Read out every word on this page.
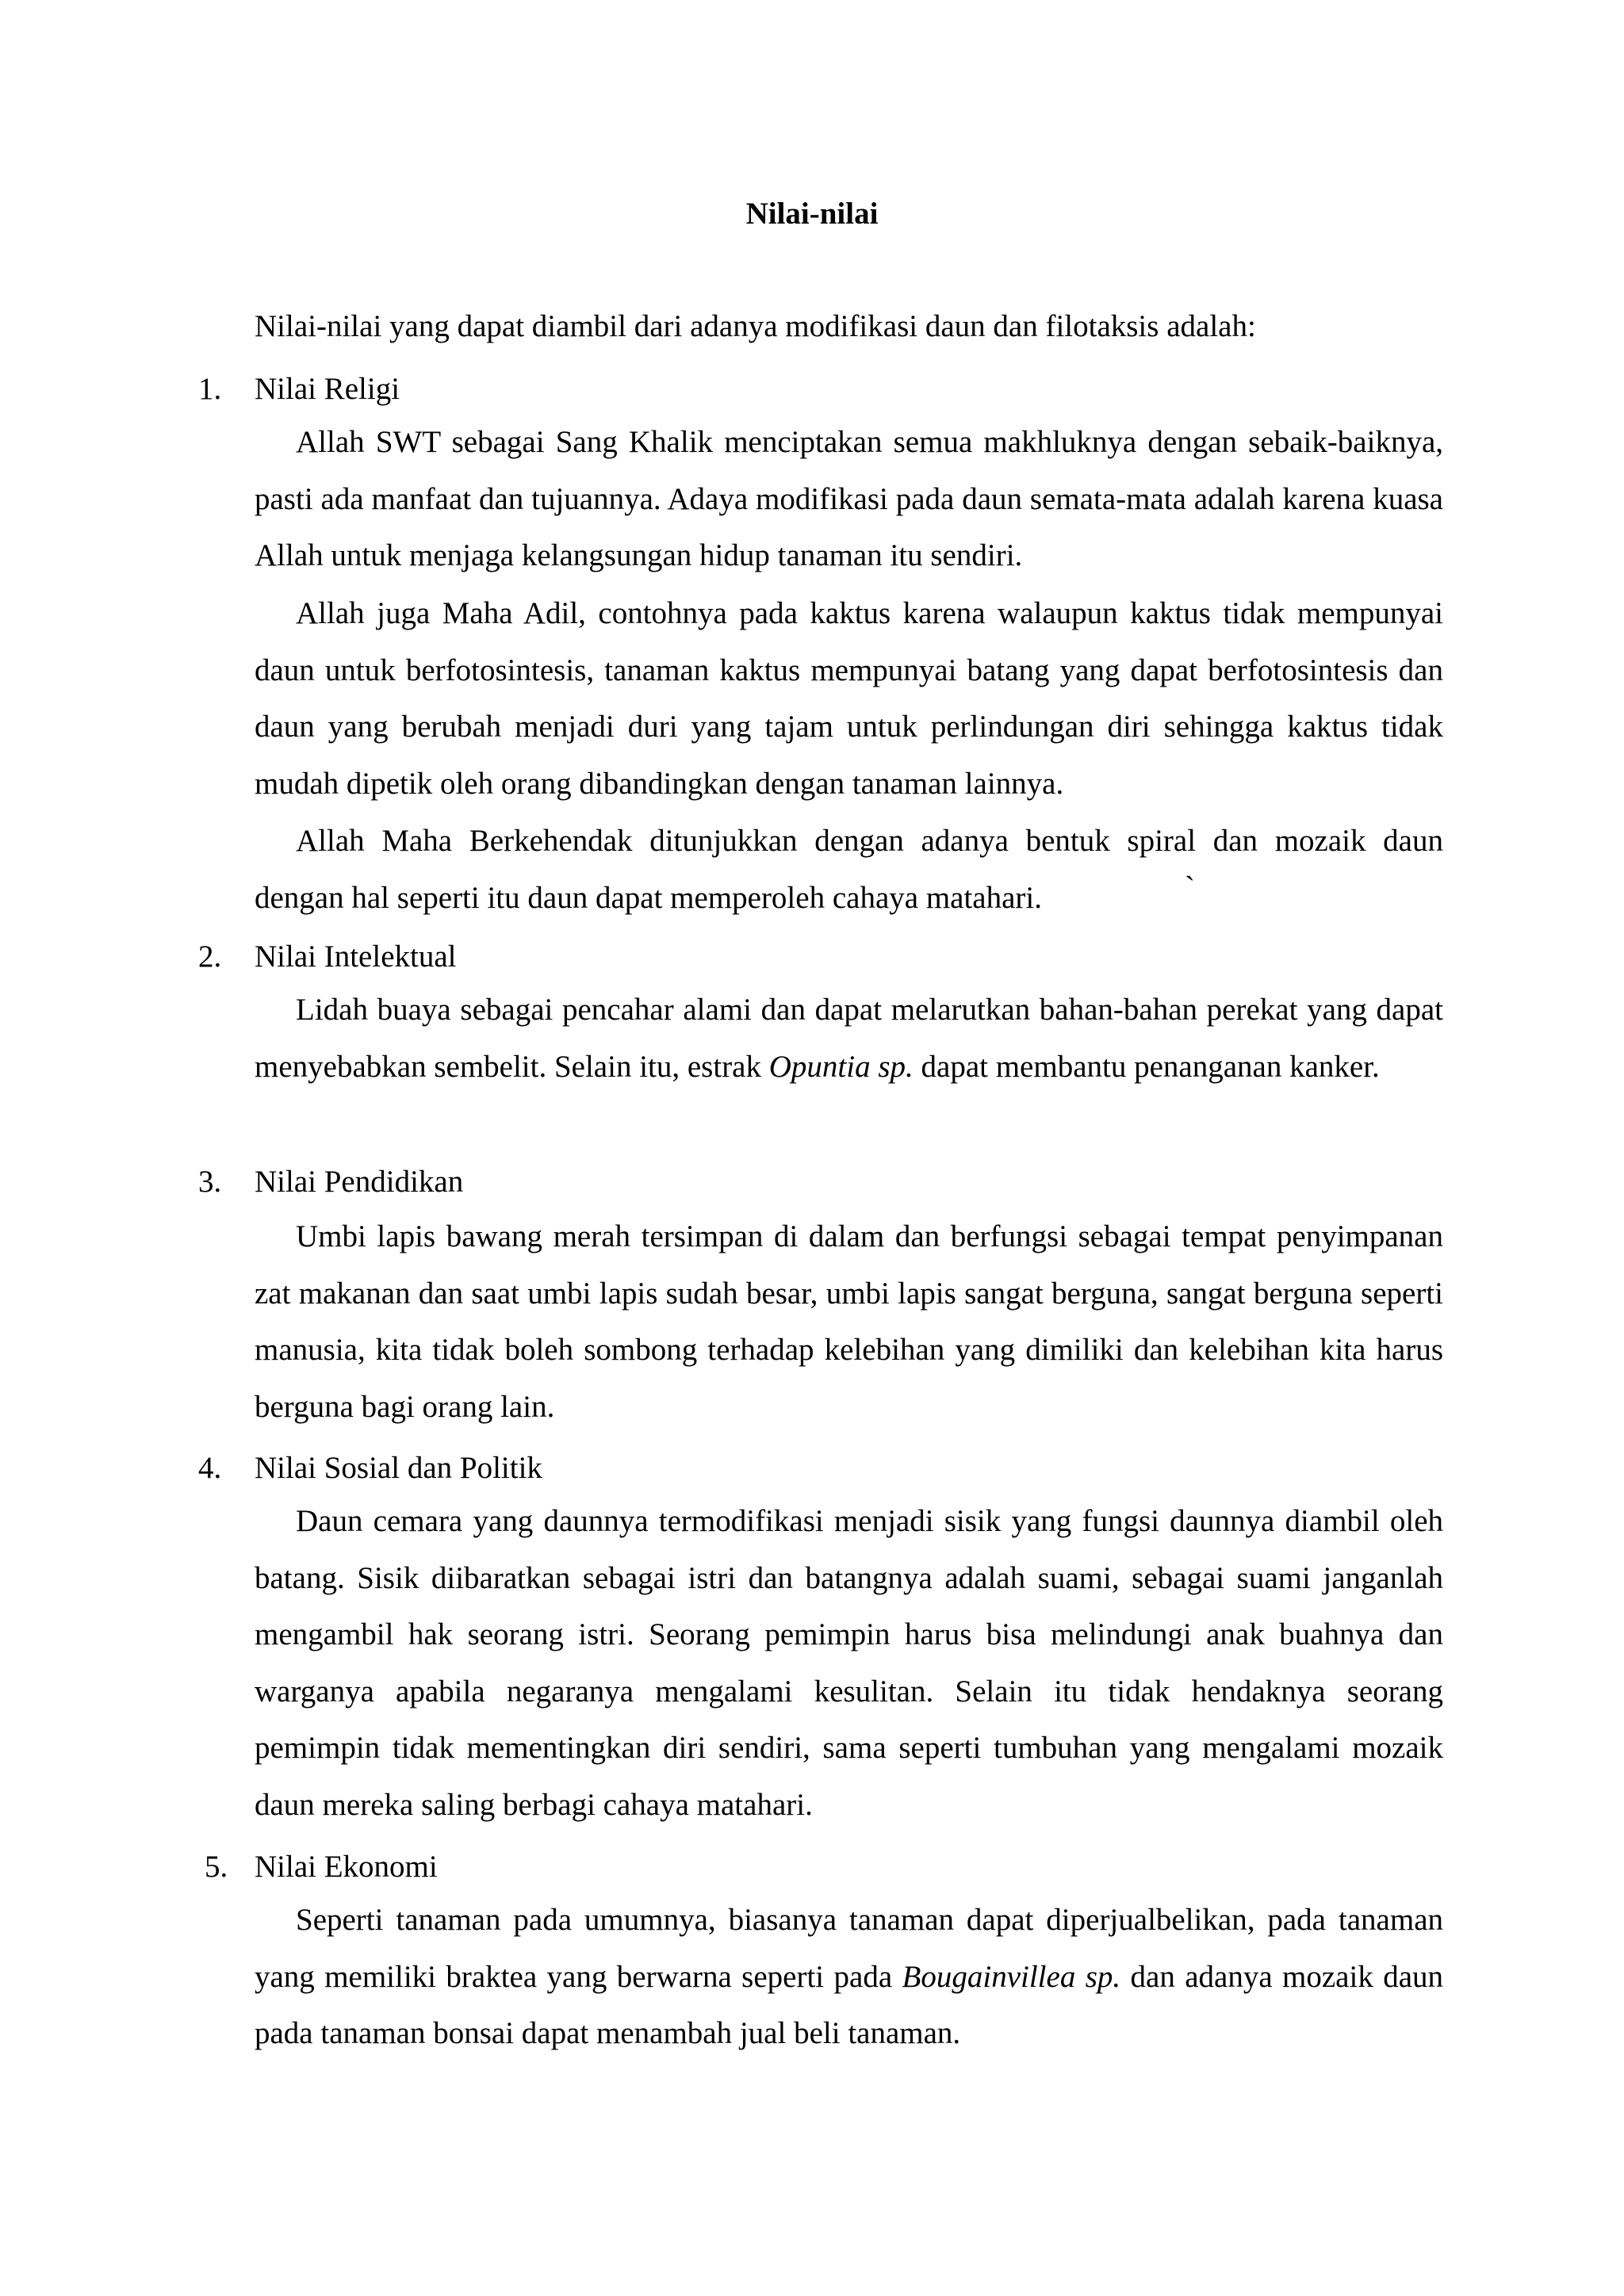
Nilai-nilai
Nilai-nilai yang dapat diambil dari adanya modifikasi daun dan filotaksis adalah:
1. Nilai Religi

Allah SWT sebagai Sang Khalik menciptakan semua makhluknya dengan sebaik-baiknya, pasti ada manfaat dan tujuannya. Adaya modifikasi pada daun semata-mata adalah karena kuasa Allah untuk menjaga kelangsungan hidup tanaman itu sendiri.

Allah juga Maha Adil, contohnya pada kaktus karena walaupun kaktus tidak mempunyai daun untuk berfotosintesis, tanaman kaktus mempunyai batang yang dapat berfotosintesis dan daun yang berubah menjadi duri yang tajam untuk perlindungan diri sehingga kaktus tidak mudah dipetik oleh orang dibandingkan dengan tanaman lainnya.

Allah Maha Berkehendak ditunjukkan dengan adanya bentuk spiral dan mozaik daun dengan hal seperti itu daun dapat memperoleh cahaya matahari.	`
2. Nilai Intelektual

Lidah buaya sebagai pencahar alami dan dapat melarutkan bahan-bahan perekat yang dapat menyebabkan sembelit. Selain itu, estrak Opuntia sp. dapat membantu penanganan kanker.

3. Nilai Pendidikan

Umbi lapis bawang merah tersimpan di dalam dan berfungsi sebagai tempat penyimpanan zat makanan dan saat umbi lapis sudah besar, umbi lapis sangat berguna, sangat berguna seperti manusia, kita tidak boleh sombong terhadap kelebihan yang dimiliki dan kelebihan kita harus berguna bagi orang lain.

4. Nilai Sosial dan Politik

Daun cemara yang daunnya termodifikasi menjadi sisik yang fungsi daunnya diambil oleh batang. Sisik diibaratkan sebagai istri dan batangnya adalah suami, sebagai suami janganlah mengambil hak seorang istri. Seorang pemimpin harus bisa melindungi anak buahnya dan warganya apabila negaranya mengalami kesulitan. Selain itu tidak hendaknya seorang pemimpin tidak mementingkan diri sendiri, sama seperti tumbuhan yang mengalami mozaik daun mereka saling berbagi cahaya matahari.

5. Nilai Ekonomi

Seperti tanaman pada umumnya, biasanya tanaman dapat diperjualbelikan, pada tanaman yang memiliki braktea yang berwarna seperti pada Bougainvillea sp. dan adanya mozaik daun pada tanaman bonsai dapat menambah jual beli tanaman.
